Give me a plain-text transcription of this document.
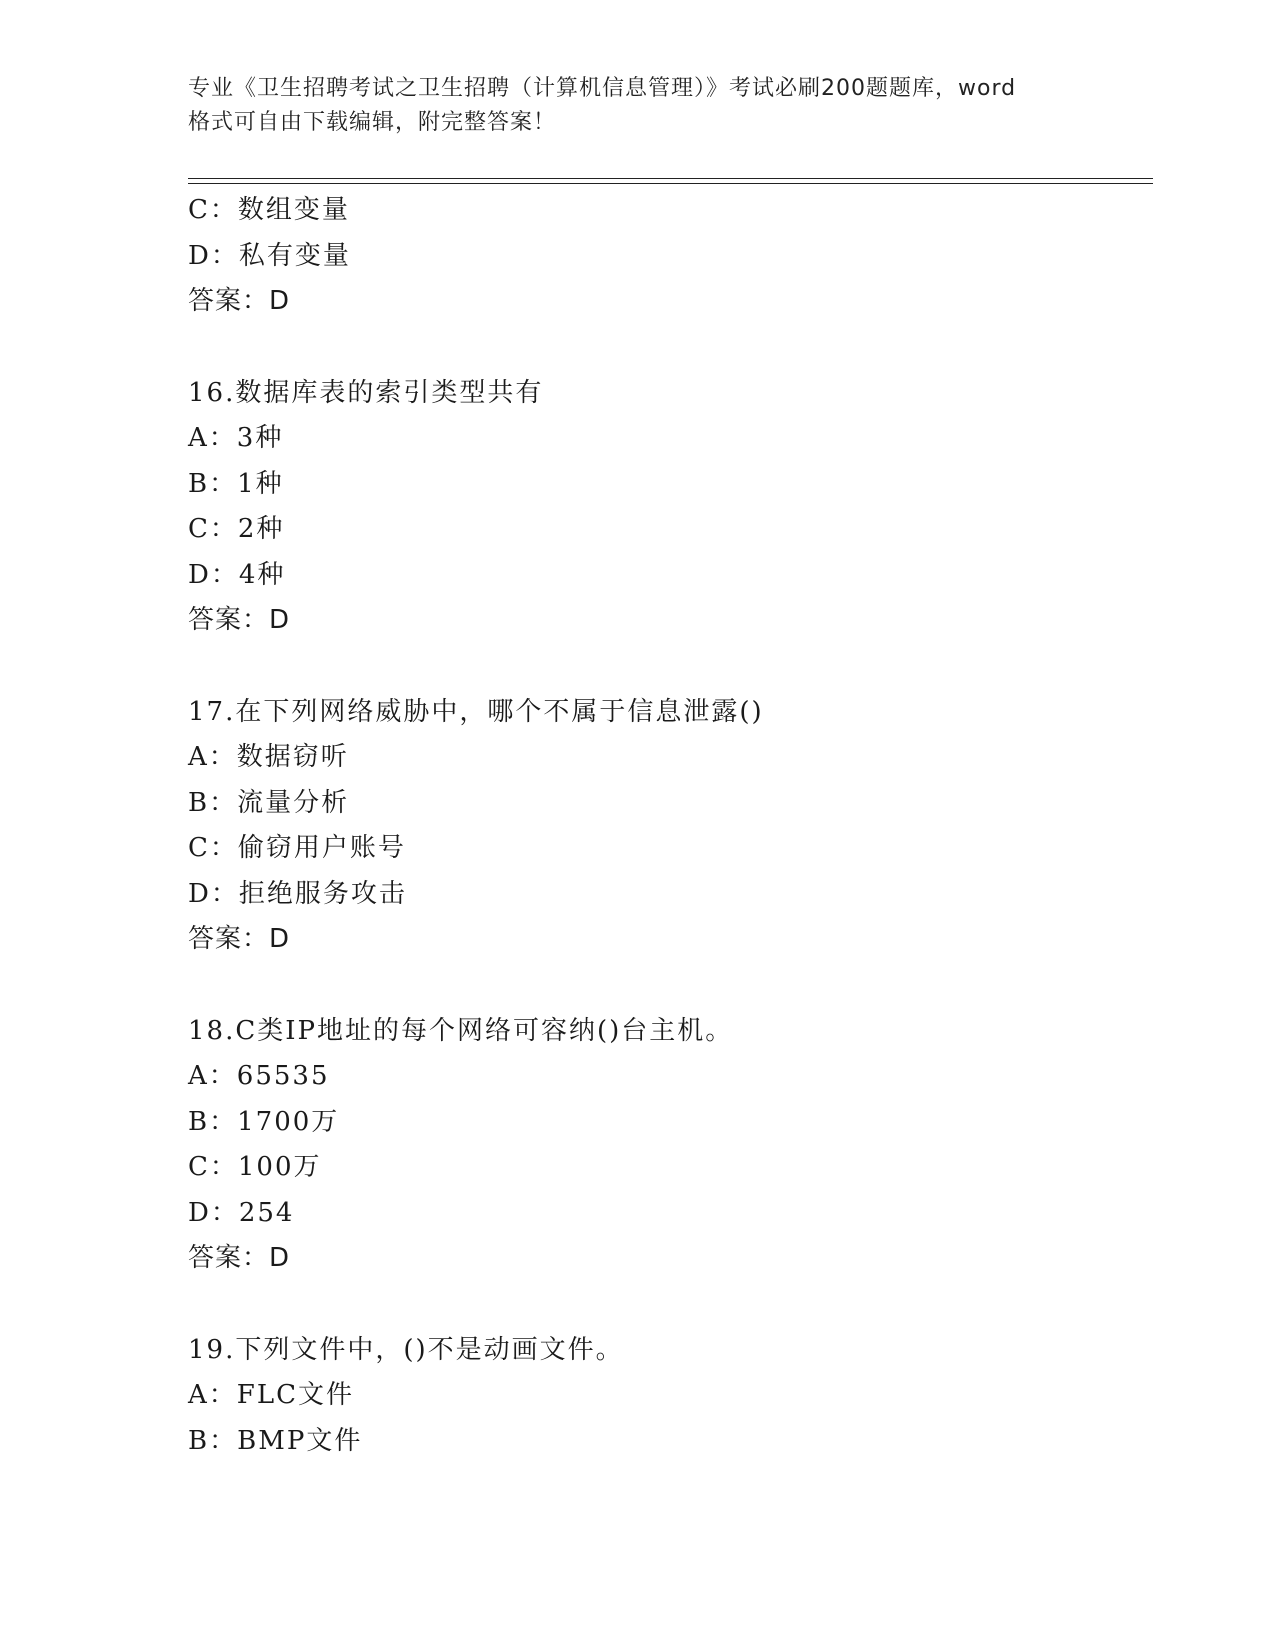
专业《卫生招聘考试之卫生招聘（计算机信息管理）》考试必刷200题题库，word
格式可自由下载编辑，附完整答案！
C：数组变量
D：私有变量
答案：D
16.数据库表的索引类型共有
A：3种
B：1种
C：2种
D：4种
答案：D
17.在下列网络威胁中，哪个不属于信息泄露()
A：数据窃听
B：流量分析
C：偷窃用户账号
D：拒绝服务攻击
答案：D
18.C类IP地址的每个网络可容纳()台主机。
A：65535
B：1700万
C：100万
D：254
答案：D
19.下列文件中，()不是动画文件。
A：FLC文件
B：BMP文件
